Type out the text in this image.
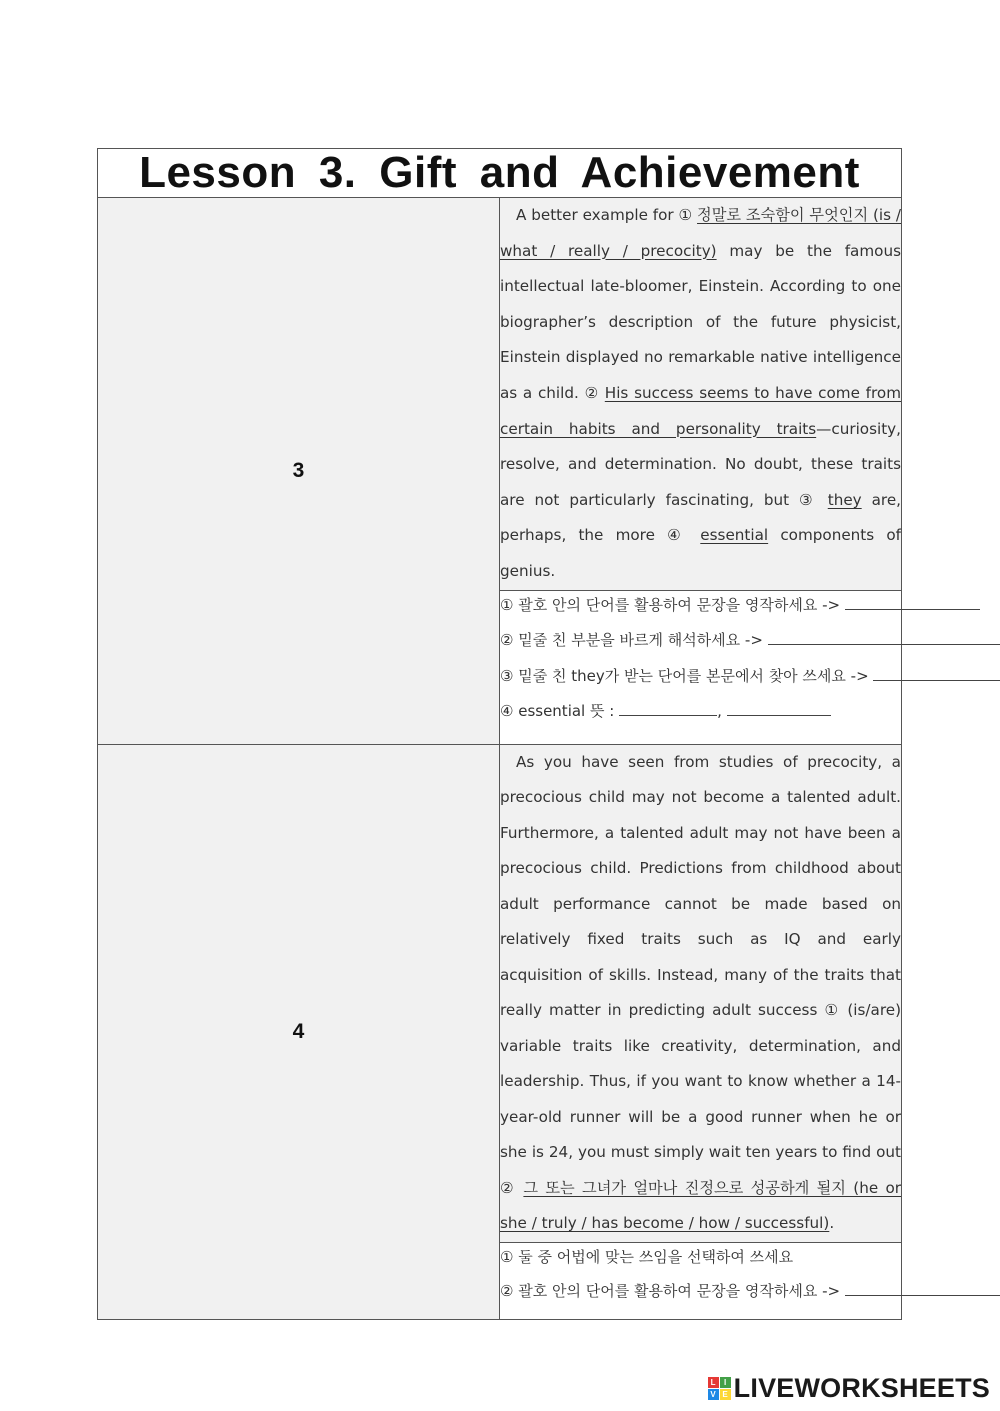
Lesson 3. Gift and Achievement	
3	A better example for ① 정말로 조숙함이 무엇인지 (is / what / really / precocity) may be the famous intellectual late-bloomer, Einstein. According to one biographer’s description of the future physicist, Einstein displayed no remarkable native intelligence as a child. ② His success seems to have come from certain habits and personality traits—curiosity, resolve, and determination. No doubt, these traits are not particularly fascinating, but ③ they are, perhaps, the more ④ essential components of genius.

	① 괄호 안의 단어를 활용하여 문장을 영작하세요 ->
② 밑줄 친 부분을 바르게 해석하세요 ->
③ 밑줄 친 they가 받는 단어를 본문에서 찾아 쓰세요 ->
④ essential 뜻 : ,

4	As you have seen from studies of precocity, a precocious child may not become a talented adult. Furthermore, a talented adult may not have been a precocious child. Predictions from childhood about adult performance cannot be made based on relatively fixed traits such as IQ and early acquisition of skills. Instead, many of the traits that really matter in predicting adult success ① (is/are) variable traits like creativity, determination, and leadership. Thus, if you want to know whether a 14-year-old runner will be a good runner when he or she is 24, you must simply wait ten years to find out ② 그 또는 그녀가 얼마나 진정으로 성공하게 될지 (he or she / truly / has become / how / successful).

	① 둘 중 어법에 맞는 쓰임을 선택하여 쓰세요
② 괄호 안의 단어를 활용하여 문장을 영작하세요 ->
L	I
V E LIVEWORKSHEETS
